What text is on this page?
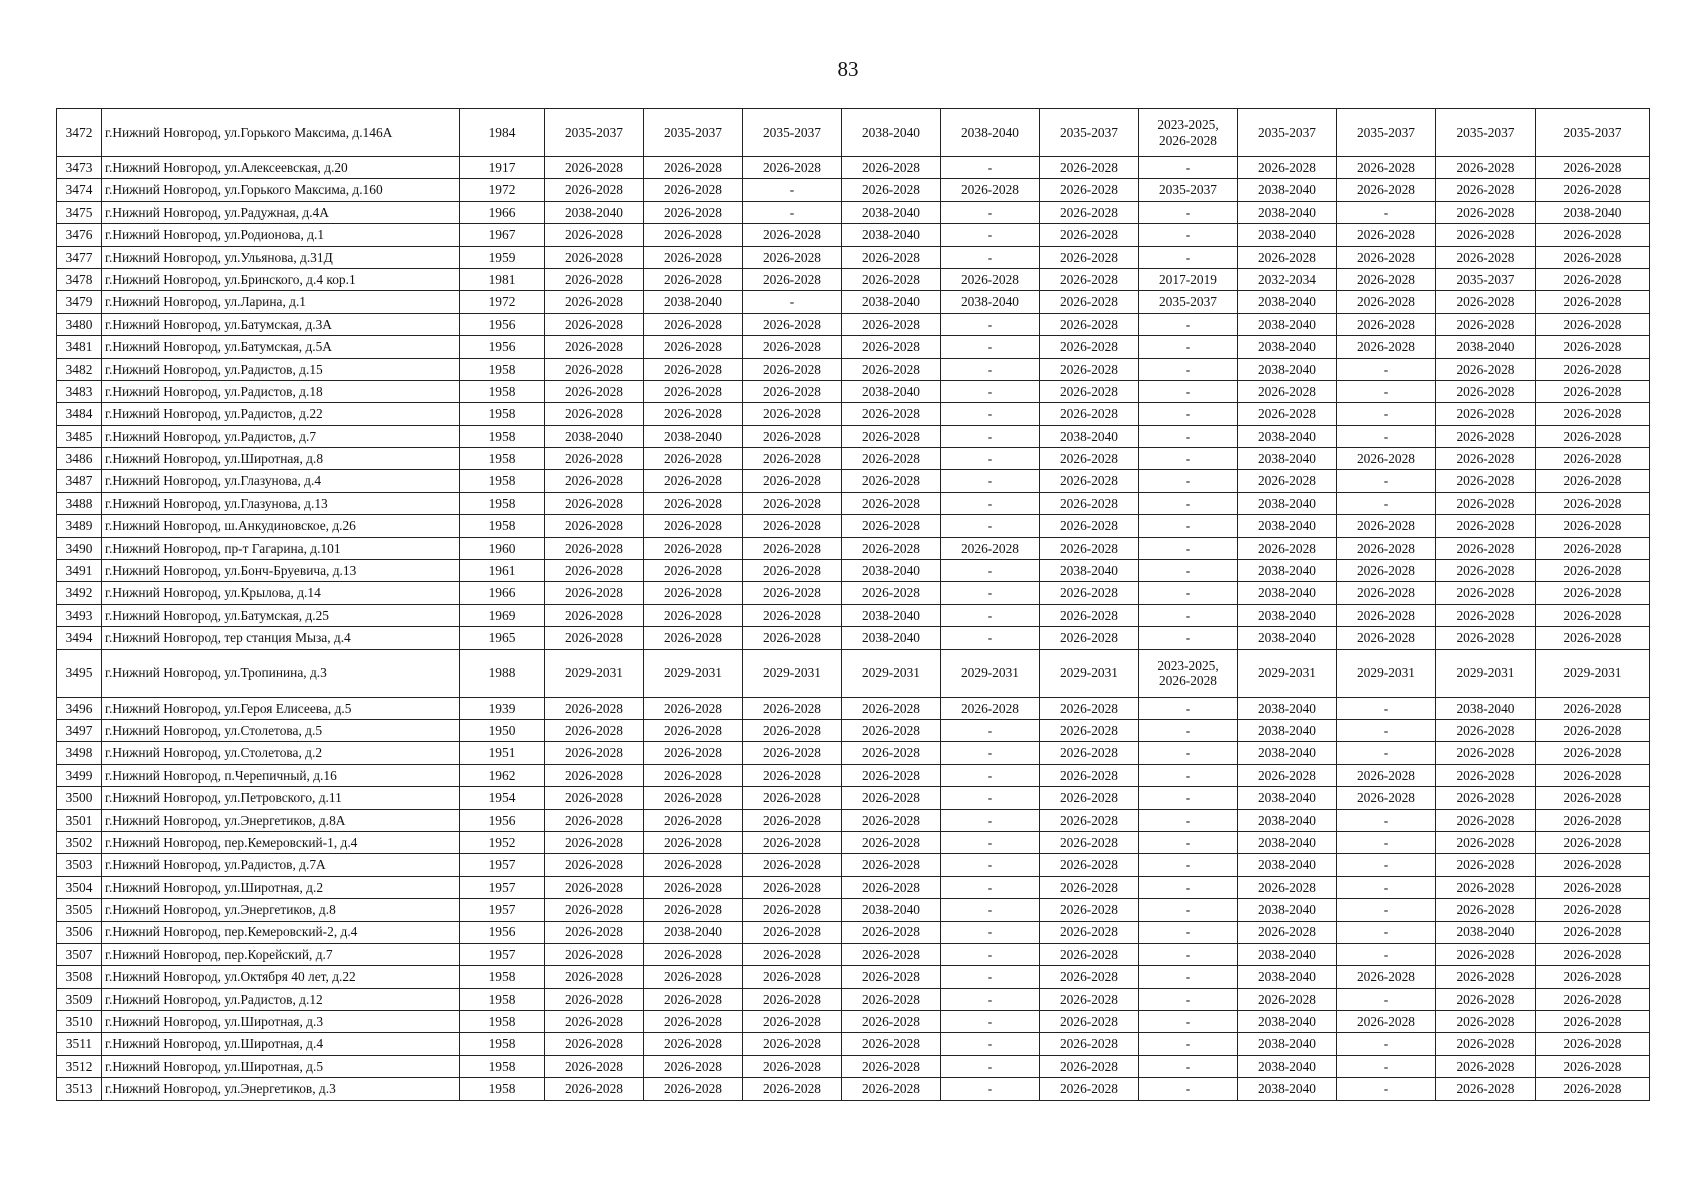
83
3472	г.Нижний Новгород, ул.Горького Максима, д.146А	1984	2035-2037	2035-2037	2035-2037	2038-2040	2038-2040	2035-2037	2023-2025,
2026-2028	2035-2037	2035-2037	2035-2037	2035-2037
3473	г.Нижний Новгород, ул.Алексеевская, д.20	1917	2026-2028	2026-2028	2026-2028	2026-2028	-	2026-2028	-	2026-2028	2026-2028	2026-2028	2026-2028
3474	г.Нижний Новгород, ул.Горького Максима, д.160	1972	2026-2028	2026-2028	-	2026-2028	2026-2028	2026-2028	2035-2037	2038-2040	2026-2028	2026-2028	2026-2028
3475	г.Нижний Новгород, ул.Радужная, д.4А	1966	2038-2040	2026-2028	-	2038-2040	-	2026-2028	-	2038-2040	-	2026-2028	2038-2040
3476	г.Нижний Новгород, ул.Родионова, д.1	1967	2026-2028	2026-2028	2026-2028	2038-2040	-	2026-2028	-	2038-2040	2026-2028	2026-2028	2026-2028
3477	г.Нижний Новгород, ул.Ульянова, д.31Д	1959	2026-2028	2026-2028	2026-2028	2026-2028	-	2026-2028	-	2026-2028	2026-2028	2026-2028	2026-2028
3478	г.Нижний Новгород, ул.Бринского, д.4 кор.1	1981	2026-2028	2026-2028	2026-2028	2026-2028	2026-2028	2026-2028	2017-2019	2032-2034	2026-2028	2035-2037	2026-2028
3479	г.Нижний Новгород, ул.Ларина, д.1	1972	2026-2028	2038-2040	-	2038-2040	2038-2040	2026-2028	2035-2037	2038-2040	2026-2028	2026-2028	2026-2028
3480	г.Нижний Новгород, ул.Батумская, д.3А	1956	2026-2028	2026-2028	2026-2028	2026-2028	-	2026-2028	-	2038-2040	2026-2028	2026-2028	2026-2028
3481	г.Нижний Новгород, ул.Батумская, д.5А	1956	2026-2028	2026-2028	2026-2028	2026-2028	-	2026-2028	-	2038-2040	2026-2028	2038-2040	2026-2028
3482	г.Нижний Новгород, ул.Радистов, д.15	1958	2026-2028	2026-2028	2026-2028	2026-2028	-	2026-2028	-	2038-2040	-	2026-2028	2026-2028
3483	г.Нижний Новгород, ул.Радистов, д.18	1958	2026-2028	2026-2028	2026-2028	2038-2040	-	2026-2028	-	2026-2028	-	2026-2028	2026-2028
3484	г.Нижний Новгород, ул.Радистов, д.22	1958	2026-2028	2026-2028	2026-2028	2026-2028	-	2026-2028	-	2026-2028	-	2026-2028	2026-2028
3485	г.Нижний Новгород, ул.Радистов, д.7	1958	2038-2040	2038-2040	2026-2028	2026-2028	-	2038-2040	-	2038-2040	-	2026-2028	2026-2028
3486	г.Нижний Новгород, ул.Широтная, д.8	1958	2026-2028	2026-2028	2026-2028	2026-2028	-	2026-2028	-	2038-2040	2026-2028	2026-2028	2026-2028
3487	г.Нижний Новгород, ул.Глазунова, д.4	1958	2026-2028	2026-2028	2026-2028	2026-2028	-	2026-2028	-	2026-2028	-	2026-2028	2026-2028
3488	г.Нижний Новгород, ул.Глазунова, д.13	1958	2026-2028	2026-2028	2026-2028	2026-2028	-	2026-2028	-	2038-2040	-	2026-2028	2026-2028
3489	г.Нижний Новгород, ш.Анкудиновское, д.26	1958	2026-2028	2026-2028	2026-2028	2026-2028	-	2026-2028	-	2038-2040	2026-2028	2026-2028	2026-2028
3490	г.Нижний Новгород, пр-т Гагарина, д.101	1960	2026-2028	2026-2028	2026-2028	2026-2028	2026-2028	2026-2028	-	2026-2028	2026-2028	2026-2028	2026-2028
3491	г.Нижний Новгород, ул.Бонч-Бруевича, д.13	1961	2026-2028	2026-2028	2026-2028	2038-2040	-	2038-2040	-	2038-2040	2026-2028	2026-2028	2026-2028
3492	г.Нижний Новгород, ул.Крылова, д.14	1966	2026-2028	2026-2028	2026-2028	2026-2028	-	2026-2028	-	2038-2040	2026-2028	2026-2028	2026-2028
3493	г.Нижний Новгород, ул.Батумская, д.25	1969	2026-2028	2026-2028	2026-2028	2038-2040	-	2026-2028	-	2038-2040	2026-2028	2026-2028	2026-2028
3494	г.Нижний Новгород, тер станция Мыза, д.4	1965	2026-2028	2026-2028	2026-2028	2038-2040	-	2026-2028	-	2038-2040	2026-2028	2026-2028	2026-2028
3495	г.Нижний Новгород, ул.Тропинина, д.3	1988	2029-2031	2029-2031	2029-2031	2029-2031	2029-2031	2029-2031	2023-2025,
2026-2028	2029-2031	2029-2031	2029-2031	2029-2031
3496	г.Нижний Новгород, ул.Героя Елисеева, д.5	1939	2026-2028	2026-2028	2026-2028	2026-2028	2026-2028	2026-2028	-	2038-2040	-	2038-2040	2026-2028
3497	г.Нижний Новгород, ул.Столетова, д.5	1950	2026-2028	2026-2028	2026-2028	2026-2028	-	2026-2028	-	2038-2040	-	2026-2028	2026-2028
3498	г.Нижний Новгород, ул.Столетова, д.2	1951	2026-2028	2026-2028	2026-2028	2026-2028	-	2026-2028	-	2038-2040	-	2026-2028	2026-2028
3499	г.Нижний Новгород, п.Черепичный, д.16	1962	2026-2028	2026-2028	2026-2028	2026-2028	-	2026-2028	-	2026-2028	2026-2028	2026-2028	2026-2028
3500	г.Нижний Новгород, ул.Петровского, д.11	1954	2026-2028	2026-2028	2026-2028	2026-2028	-	2026-2028	-	2038-2040	2026-2028	2026-2028	2026-2028
3501	г.Нижний Новгород, ул.Энергетиков, д.8А	1956	2026-2028	2026-2028	2026-2028	2026-2028	-	2026-2028	-	2038-2040	-	2026-2028	2026-2028
3502	г.Нижний Новгород, пер.Кемеровский-1, д.4	1952	2026-2028	2026-2028	2026-2028	2026-2028	-	2026-2028	-	2038-2040	-	2026-2028	2026-2028
3503	г.Нижний Новгород, ул.Радистов, д.7А	1957	2026-2028	2026-2028	2026-2028	2026-2028	-	2026-2028	-	2038-2040	-	2026-2028	2026-2028
3504	г.Нижний Новгород, ул.Широтная, д.2	1957	2026-2028	2026-2028	2026-2028	2026-2028	-	2026-2028	-	2026-2028	-	2026-2028	2026-2028
3505	г.Нижний Новгород, ул.Энергетиков, д.8	1957	2026-2028	2026-2028	2026-2028	2038-2040	-	2026-2028	-	2038-2040	-	2026-2028	2026-2028
3506	г.Нижний Новгород, пер.Кемеровский-2, д.4	1956	2026-2028	2038-2040	2026-2028	2026-2028	-	2026-2028	-	2026-2028	-	2038-2040	2026-2028
3507	г.Нижний Новгород, пер.Корейский, д.7	1957	2026-2028	2026-2028	2026-2028	2026-2028	-	2026-2028	-	2038-2040	-	2026-2028	2026-2028
3508	г.Нижний Новгород, ул.Октября 40 лет, д.22	1958	2026-2028	2026-2028	2026-2028	2026-2028	-	2026-2028	-	2038-2040	2026-2028	2026-2028	2026-2028
3509	г.Нижний Новгород, ул.Радистов, д.12	1958	2026-2028	2026-2028	2026-2028	2026-2028	-	2026-2028	-	2026-2028	-	2026-2028	2026-2028
3510	г.Нижний Новгород, ул.Широтная, д.3	1958	2026-2028	2026-2028	2026-2028	2026-2028	-	2026-2028	-	2038-2040	2026-2028	2026-2028	2026-2028
3511	г.Нижний Новгород, ул.Широтная, д.4	1958	2026-2028	2026-2028	2026-2028	2026-2028	-	2026-2028	-	2038-2040	-	2026-2028	2026-2028
3512	г.Нижний Новгород, ул.Широтная, д.5	1958	2026-2028	2026-2028	2026-2028	2026-2028	-	2026-2028	-	2038-2040	-	2026-2028	2026-2028
3513	г.Нижний Новгород, ул.Энергетиков, д.3	1958	2026-2028	2026-2028	2026-2028	2026-2028	-	2026-2028	-	2038-2040	-	2026-2028	2026-2028
